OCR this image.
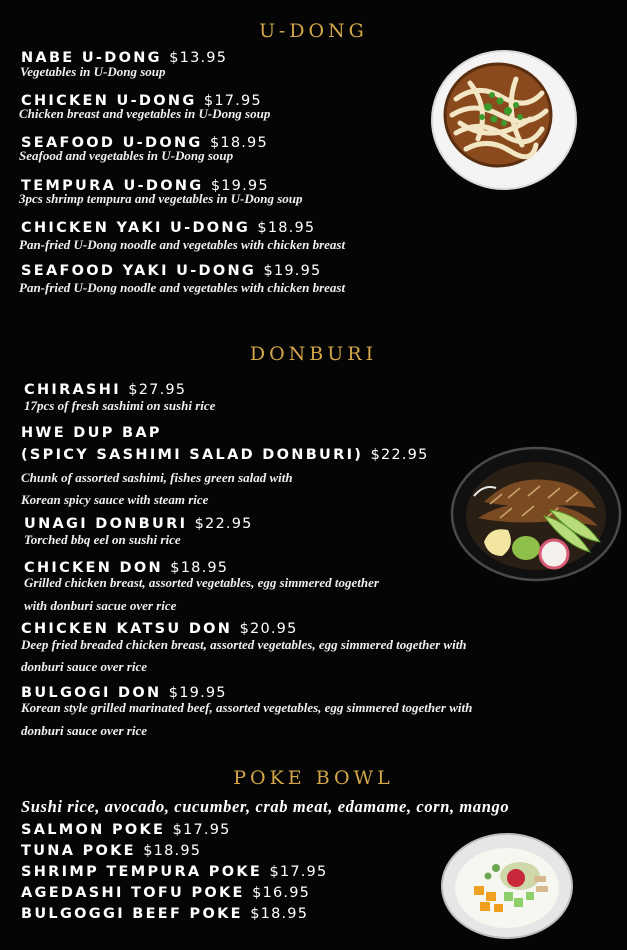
U-DONG
NABE U-DONG $13.95
Vegetables in U-Dong soup
CHICKEN U-DONG $17.95
Chicken breast and vegetables in U-Dong soup
SEAFOOD U-DONG $18.95
Seafood and vegetables in U-Dong soup
TEMPURA U-DONG $19.95
3pcs shrimp tempura and vegetables in U-Dong soup
CHICKEN YAKI U-DONG $18.95
Pan-fried U-Dong noodle and vegetables with chicken breast
SEAFOOD YAKI U-DONG $19.95
Pan-fried U-Dong noodle and vegetables with chicken breast
DONBURI
CHIRASHI $27.95
17pcs of fresh sashimi on sushi rice
HWE DUP BAP
(SPICY SASHIMI SALAD DONBURI) $22.95
Chunk of assorted sashimi, fishes green salad with
Korean spicy sauce with steam rice
UNAGI DONBURI $22.95
Torched bbq eel on sushi rice
CHICKEN DON $18.95
Grilled chicken breast, assorted vegetables, egg simmered together
with donburi sacue over rice
CHICKEN KATSU DON $20.95
Deep fried breaded chicken breast, assorted vegetables, egg simmered together with
donburi sauce over rice
BULGOGI DON $19.95
Korean style grilled marinated beef, assorted vegetables, egg simmered together with
donburi sauce over rice
POKE BOWL
Sushi rice, avocado, cucumber, crab meat, edamame, corn, mango
SALMON POKE $17.95
TUNA POKE $18.95
SHRIMP TEMPURA POKE $17.95
AGEDASHI TOFU POKE $16.95
BULGOGGI BEEF POKE $18.95
